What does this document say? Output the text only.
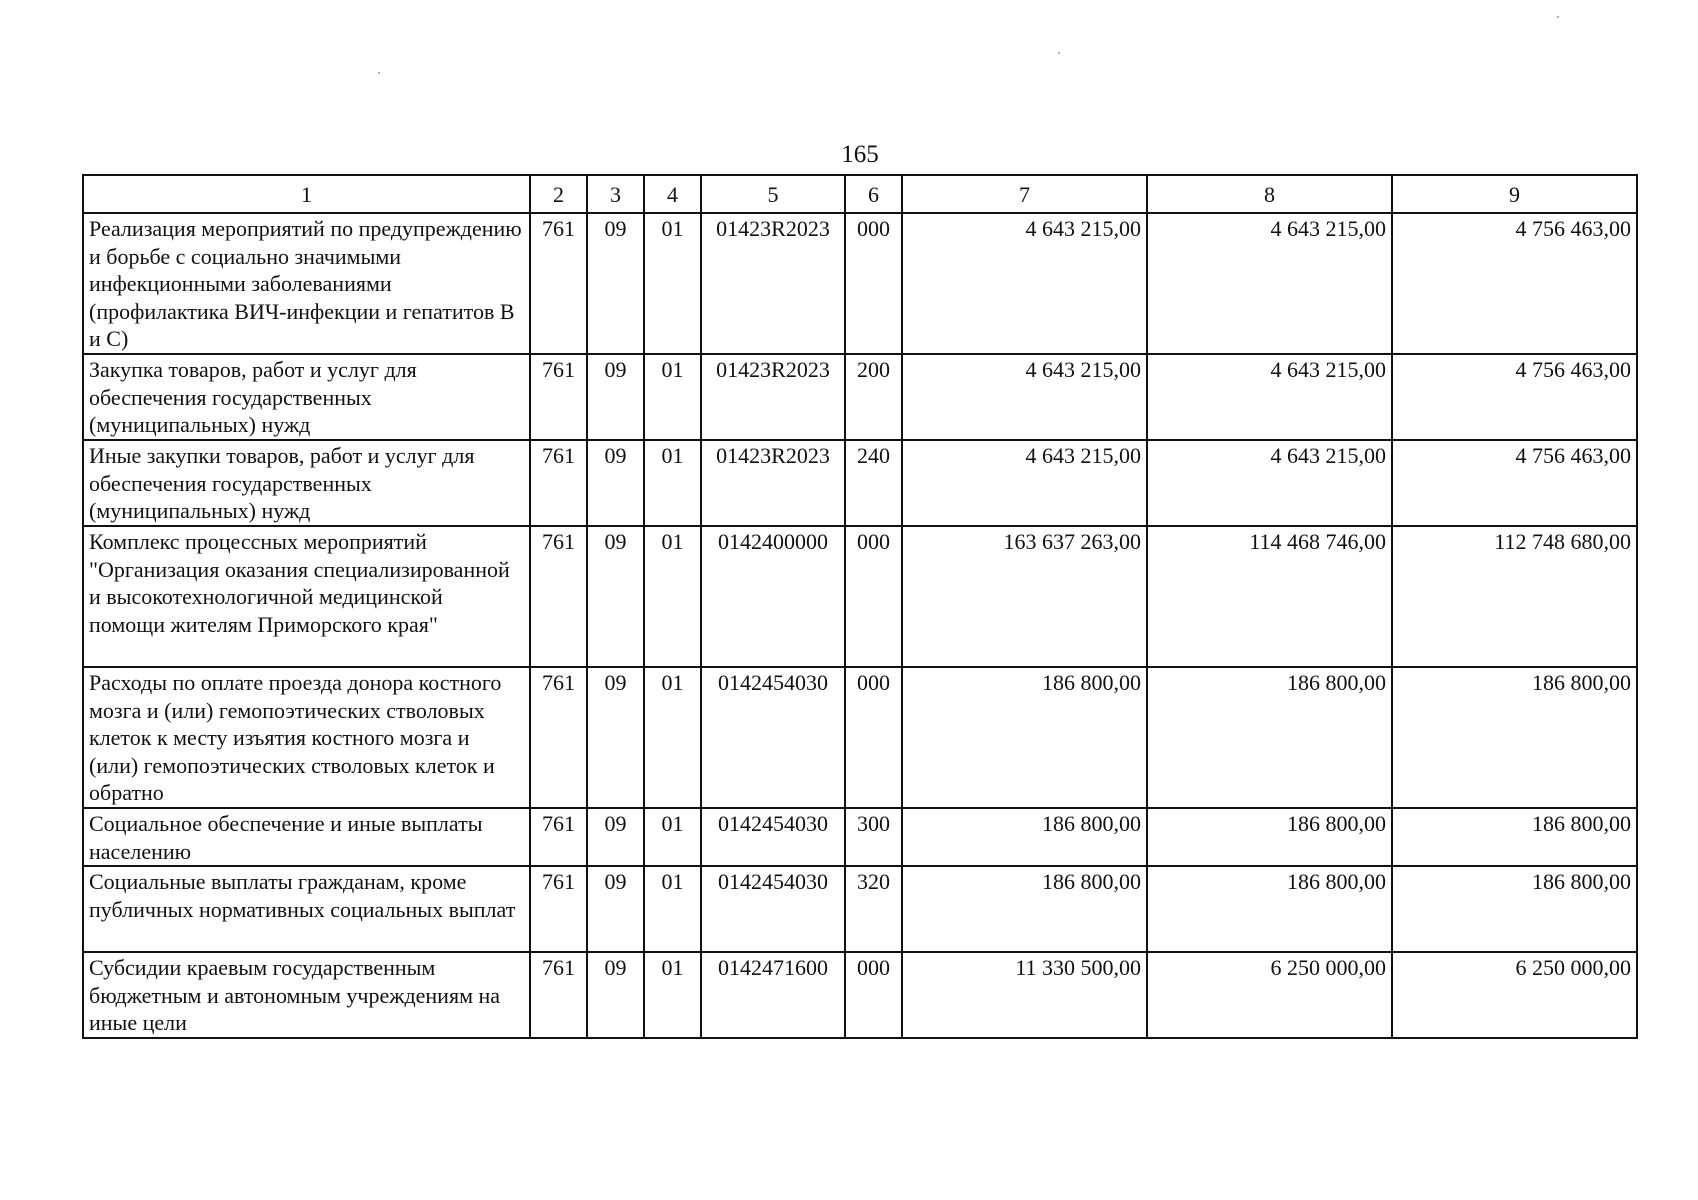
165
1	2	3	4	5	6	7	8	9
Реализация мероприятий по предупреждению и борьбе с социально значимыми инфекционными заболеваниями (профилактика ВИЧ-инфекции и гепатитов В и С)	761	09	01	01423R2023	000	4 643 215,00	4 643 215,00	4 756 463,00
Закупка товаров, работ и услуг для обеспечения государственных (муниципальных) нужд	761	09	01	01423R2023	200	4 643 215,00	4 643 215,00	4 756 463,00
Иные закупки товаров, работ и услуг для обеспечения государственных (муниципальных) нужд	761	09	01	01423R2023	240	4 643 215,00	4 643 215,00	4 756 463,00
Комплекс процессных мероприятий "Организация оказания специализированной и высокотехнологичной медицинской помощи жителям Приморского края"	761	09	01	0142400000	000	163 637 263,00	114 468 746,00	112 748 680,00
Расходы по оплате проезда донора костного мозга и (или) гемопоэтических стволовых клеток к месту изъятия костного мозга и (или) гемопоэтических стволовых клеток и обратно	761	09	01	0142454030	000	186 800,00	186 800,00	186 800,00
Социальное обеспечение и иные выплаты населению	761	09	01	0142454030	300	186 800,00	186 800,00	186 800,00
Социальные выплаты гражданам, кроме публичных нормативных социальных выплат	761	09	01	0142454030	320	186 800,00	186 800,00	186 800,00
Субсидии краевым государственным бюджетным и автономным учреждениям на иные цели	761	09	01	0142471600	000	11 330 500,00	6 250 000,00	6 250 000,00
